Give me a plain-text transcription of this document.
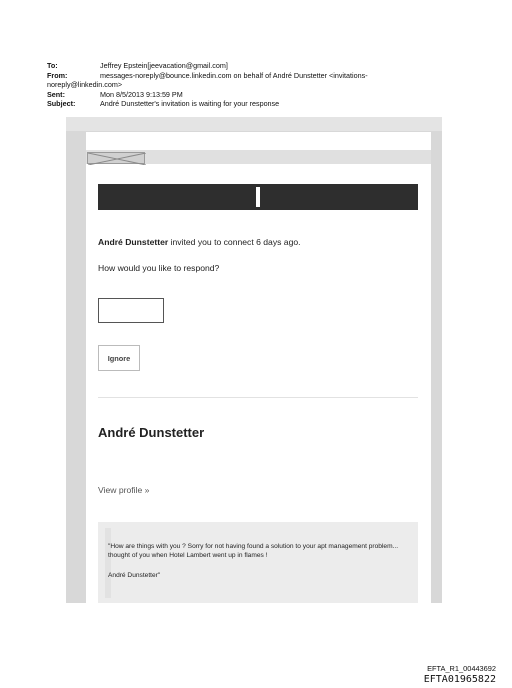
To:	Jeffrey Epstein[jeevacation@gmail.com]
From:	messages-noreply@bounce.linkedin.com on behalf of André Dunstetter <invitations-
noreply@linkedin.com>
Sent:	Mon 8/5/2013 9:13:59 PM
Subject:	André Dunstetter's invitation is waiting for your response
André Dunstetter invited you to connect 6 days ago.
How would you like to respond?
Ignore
André Dunstetter
View profile »
"How are things with you ? Sorry for not having found a solution to your apt management problem... thought of you when Hotel Lambert went up in flames !
André Dunstetter"
EFTA_R1_00443692
EFTA01965822
